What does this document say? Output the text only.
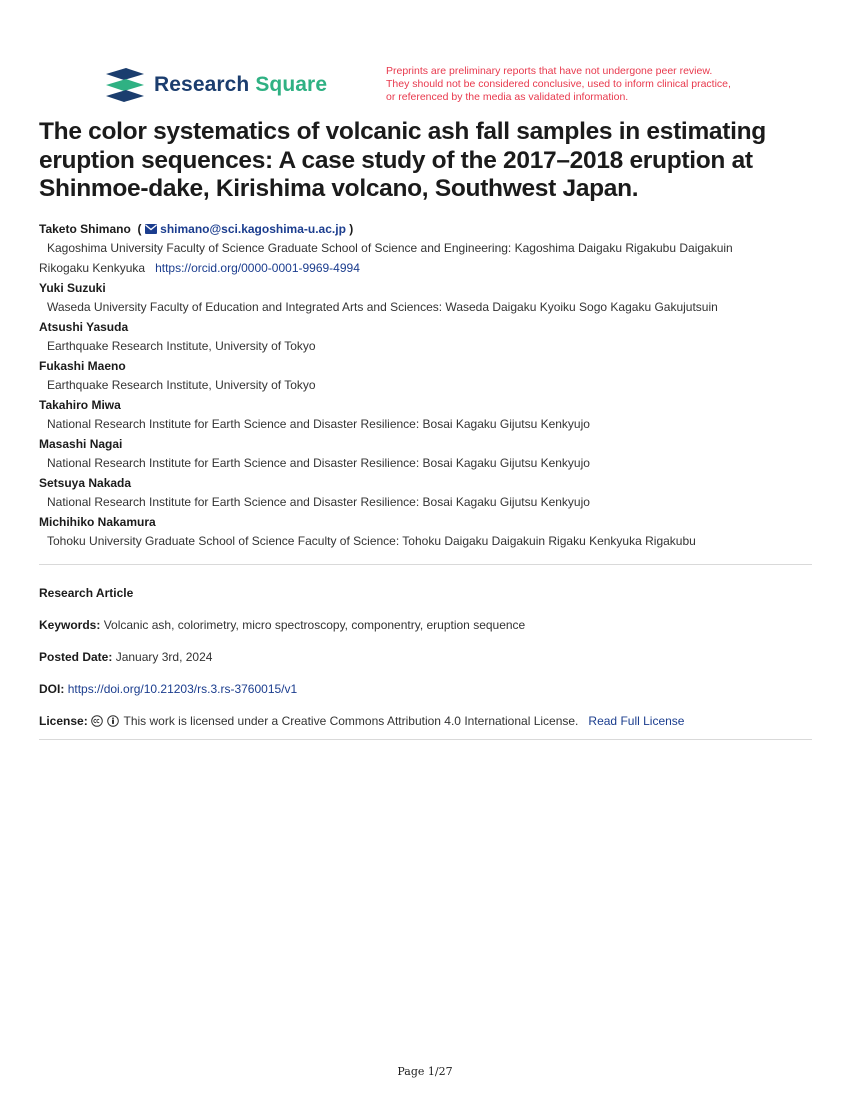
Research Square
Preprints are preliminary reports that have not undergone peer review.
They should not be considered conclusive, used to inform clinical practice,
or referenced by the media as validated information.
The color systematics of volcanic ash fall samples in estimating eruption sequences: A case study of the 2017–2018 eruption at Shinmoe-dake, Kirishima volcano, Southwest Japan.
Taketo Shimano  (  shimano@sci.kagoshima-u.ac.jp )
Kagoshima University Faculty of Science Graduate School of Science and Engineering: Kagoshima Daigaku Rigakubu Daigakuin
Rikogaku Kenkyuka https://orcid.org/0000-0001-9969-4994
Yuki Suzuki
Waseda University Faculty of Education and Integrated Arts and Sciences: Waseda Daigaku Kyoiku Sogo Kagaku Gakujutsuin
Atsushi Yasuda
Earthquake Research Institute, University of Tokyo
Fukashi Maeno
Earthquake Research Institute, University of Tokyo
Takahiro Miwa
National Research Institute for Earth Science and Disaster Resilience: Bosai Kagaku Gijutsu Kenkyujo
Masashi Nagai
National Research Institute for Earth Science and Disaster Resilience: Bosai Kagaku Gijutsu Kenkyujo
Setsuya Nakada
National Research Institute for Earth Science and Disaster Resilience: Bosai Kagaku Gijutsu Kenkyujo
Michihiko Nakamura
Tohoku University Graduate School of Science Faculty of Science: Tohoku Daigaku Daigakuin Rigaku Kenkyuka Rigakubu
Research Article
Keywords: Volcanic ash, colorimetry, micro spectroscopy, componentry, eruption sequence
Posted Date: January 3rd, 2024
DOI: https://doi.org/10.21203/rs.3.rs-3760015/v1
License:	This work is licensed under a Creative Commons Attribution 4.0 International License. Read Full License
Page 1/27
